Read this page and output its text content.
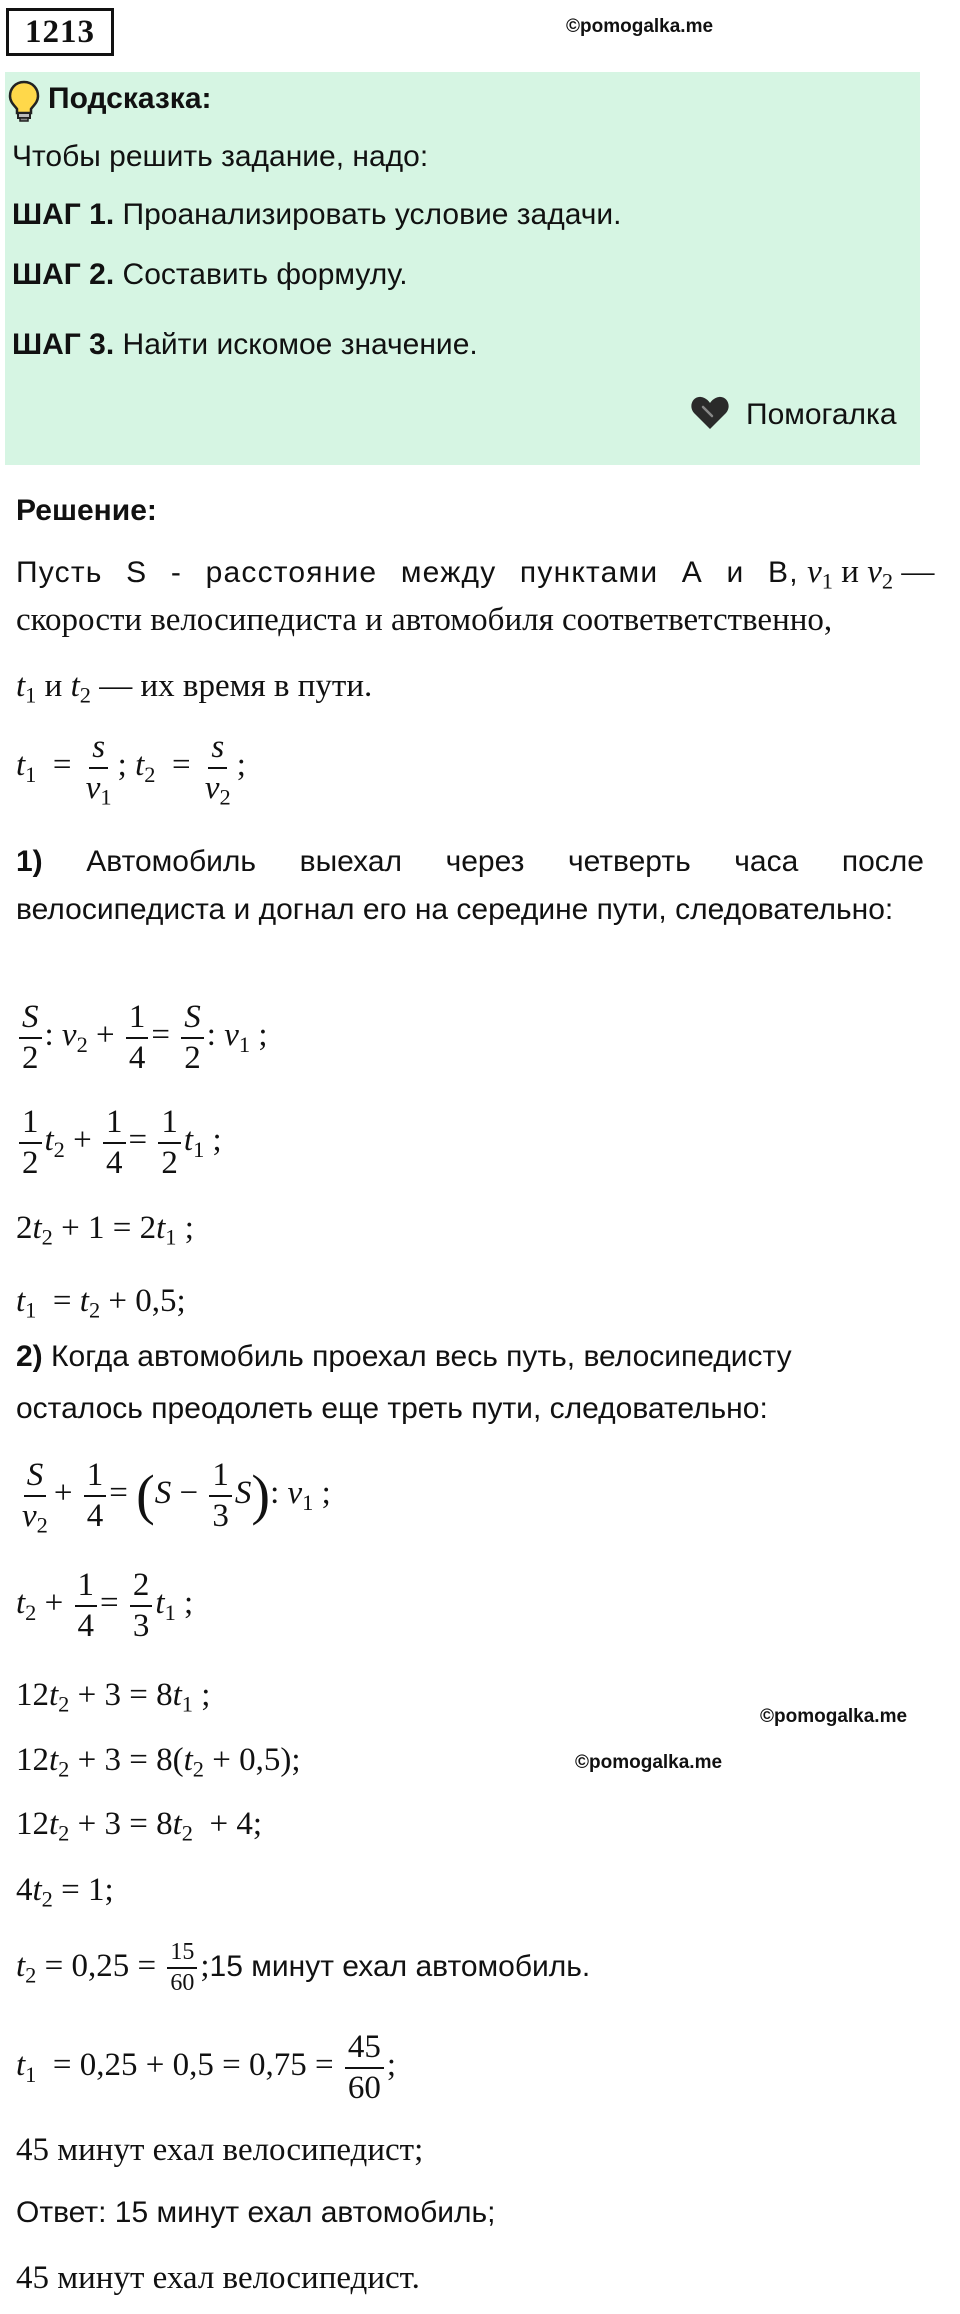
1213	©pomogalka.me
Подсказка:
Чтобы решить задание, надо:
ШАГ 1. Проанализировать условие задачи.
ШАГ 2. Составить формулу.
ШАГ 3. Найти искомое значение.
Помогалка
Решение:
Пусть S - расстояние между пунктами А и В, $v_1$ и $v_2$ —
скорости велосипедиста и автомобиля соответветственно,
$t_1$ и $t_2$ — их время в пути.
$t_1 = \frac{s}{v_1}$ ; $t_2 = \frac{s}{v_2}$ ;
1) Автомобиль выехал через четверть часа после велосипедиста и догнал его на середине пути, следовательно:
$\frac{S}{2}$ : $v_2 + \frac{1}{4} = \frac{S}{2}$ : $v_1$ ;
$\frac{1}{2} t_2 + \frac{1}{4} = \frac{1}{2} t_1$ ;
$2t_2 + 1 = 2t_1$ ;
$t_1 = t_2 + 0,5$;
2) Когда автомобиль проехал весь путь, велосипедисту
осталось преодолеть еще треть пути, следовательно:
$\frac{S}{v_2} + \frac{1}{4} = (S - \frac{1}{3} S)$: $v_1$ ;
$t_2 + \frac{1}{4} = \frac{2}{3} t_1$ ;
$12t_2 + 3 = 8t_1$ ;
©pomogalka.me
$12t_2 + 3 = 8(t_2 + 0,5)$;	©pomogalka.me
$12t_2 + 3 = 8t_2 + 4$;
$4t_2 = 1$;
$t_2 = 0,25 = \frac{15}{60}$ ;15 минут ехал автомобиль.
$t_1 = 0,25 + 0,5 = 0,75 = \frac{45}{60}$ ;
45 минут ехал велосипедист;
Ответ: 15 минут ехал автомобиль;
45 минут ехал велосипедист.
